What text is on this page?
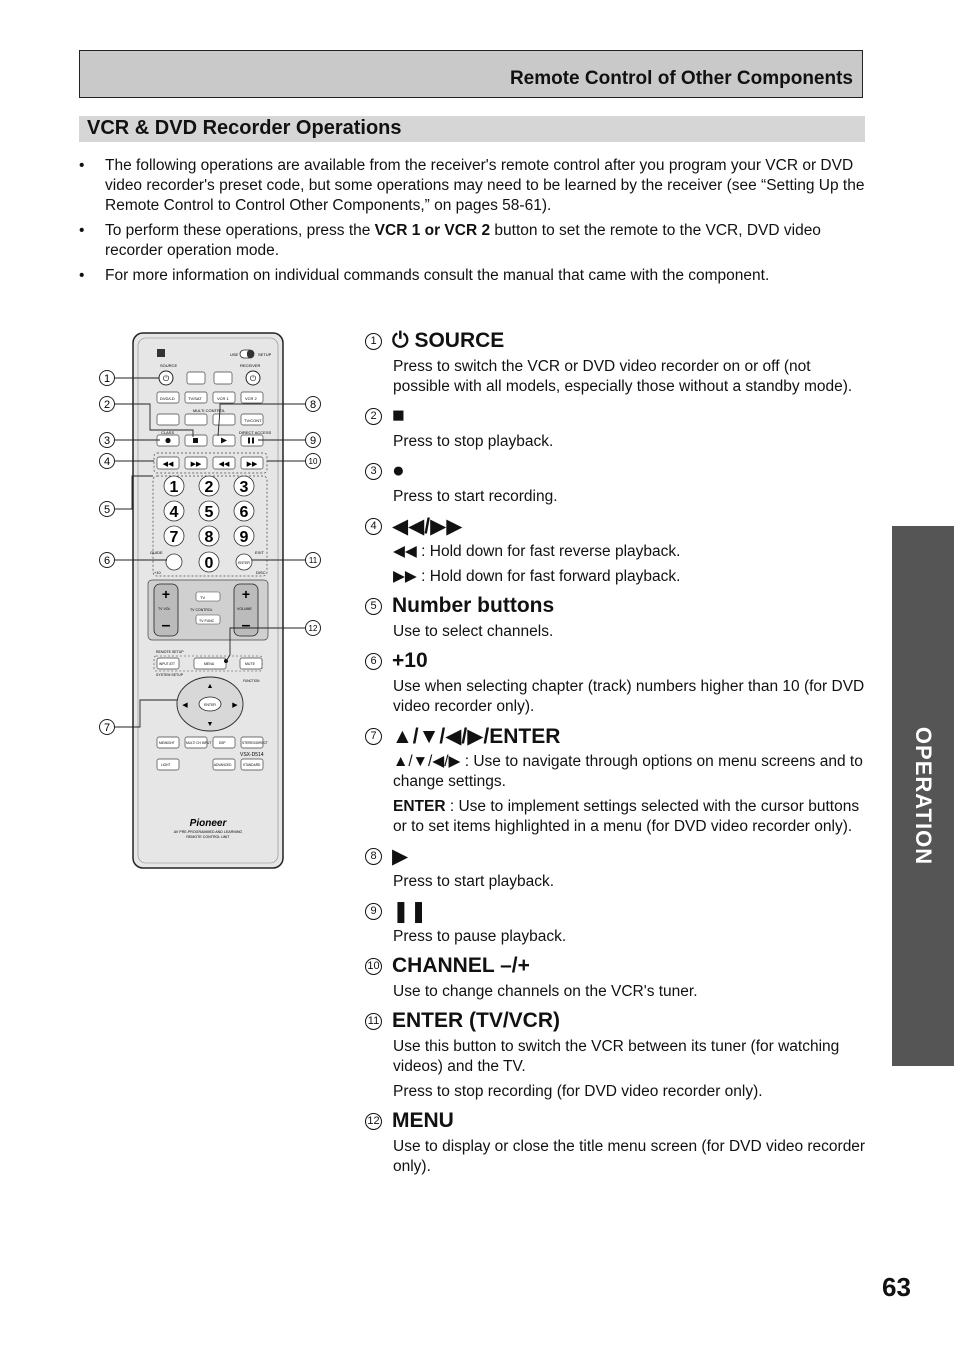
Remote Control of Other Components
VCR & DVD Recorder Operations
• The following operations are available from the receiver's remote control after you program your VCR or DVD video recorder's preset code, but some operations may need to be learned by the receiver (see “Setting Up the Remote Control to Control Other Components,” on pages 58-61).
• To perform these operations, press the VCR 1 or VCR 2 button to set the remote to the VCR, DVD video recorder operation mode.
• For more information on individual commands consult the manual that came with the component.
USE	SETUP
SOURCE	RECEIVER
⏻	⏻
DVD/LD	TV/SAT	VCR 1	VCR 2
MULTI CONTROL
TV/CONT
CLASS	DIRECT ACCESS
◀◀ ▶▶ ◀◀ ▶▶
1 2 3
4 5 6
7 8 9
0
GUIDE	EXIT
ENTER
+10	DISC
+
–
TV VOL
+
–
VOLUME
TV
TV CONTROL
TV FUNC
REMOTE SETUP
INPUT ATT	MENU	MUTE
SYSTEM SETUP
FUNCTION
▲
▼
◀	▶
ENTER
MIDNIGHT	MULTI CH INPUT DSP	STEREO/DIRECT
LIGHT	ADVANCED	STANDARD
VSX-D514
Pioneer
AV PRE-PROGRAMMED AND LEARNING
REMOTE CONTROL UNIT
1
2
3
4
5
6
7
8
9
10
11
12
1 ⏻ SOURCE

Press to switch the VCR or DVD video recorder on or off (not possible with all models, especially those without a standby mode).

2 ■

Press to stop playback.

3 ●

Press to start recording.

4 ◀◀/▶▶

◀◀ : Hold down for fast reverse playback.

▶▶ : Hold down for fast forward playback.

5 Number buttons

Use to select channels.

6 +10

Use when selecting chapter (track) numbers higher than 10 (for DVD video recorder only).

7 ▲/▼/◀/▶/ENTER

▲/▼/◀/▶ : Use to navigate through options on menu screens and to change settings.

ENTER : Use to implement settings selected with the cursor buttons or to set items highlighted in a menu (for DVD video recorder only).

8 ▶

Press to start playback.

9 ❚❚

Press to pause playback.

10 CHANNEL –/+

Use to change channels on the VCR's tuner.

11 ENTER (TV/VCR)

Use this button to switch the VCR between its tuner (for watching videos) and the TV.

Press to stop recording (for DVD video recorder only).

12 MENU

Use to display or close the title menu screen (for DVD video recorder only).

OPERATION
63
